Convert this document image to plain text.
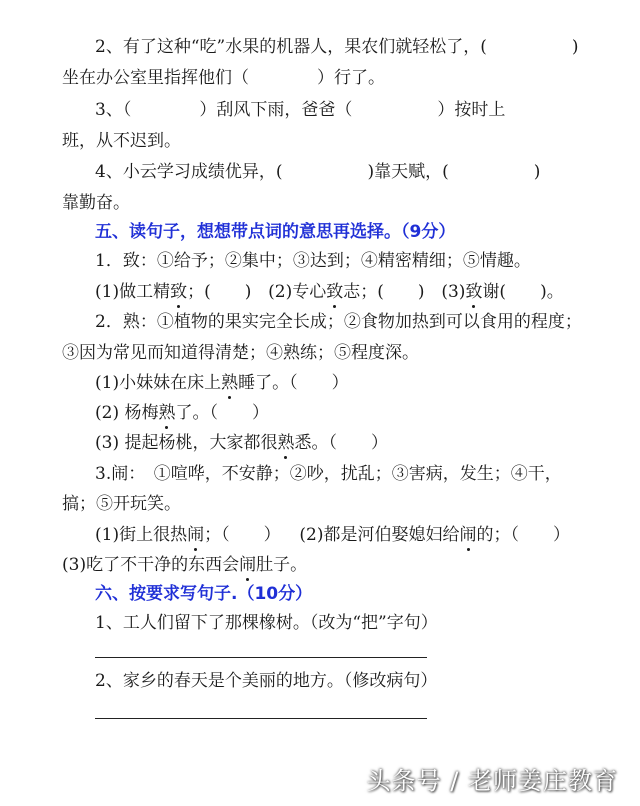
2、有了这种“吃”水果的机器人，果农们就轻松了，(　　　　　)
坐在办公室里指挥他们（　　　　）行了。
3、（　　　　）刮风下雨，爸爸（　　　　　）按时上
班，从不迟到。
4、小云学习成绩优异，(　　　　　)靠天赋，(　　　　　)
靠勤奋。
五、读句子，想想带点词的意思再选择。（9分）
1．致：①给予；②集中；③达到；④精密精细；⑤情趣。
(1)做工精致；(　　) (2)专心致志；(　　) (3)致谢(　　)。
2．熟：①植物的果实完全长成；②食物加热到可以食用的程度；
③因为常见而知道得清楚；④熟练；⑤程度深。
(1)小妹妹在床上熟睡了。（　　）
(2) 杨梅熟了。（　　）
(3) 提起杨桃，大家都很熟悉。（　　）
3.闹：　①喧哗，不安静；②吵，扰乱；③害病，发生；④干，
搞；⑤开玩笑。
(1)街上很热闹；（　　） (2)都是河伯娶媳妇给闹的；（　　）
(3)吃了不干净的东西会闹肚子。
六、按要求写句子.（10分）
1、工人们留下了那棵橡树。（改为“把”字句）
2、家乡的春天是个美丽的地方。（修改病句）
头条号 / 老师姜庄教育
